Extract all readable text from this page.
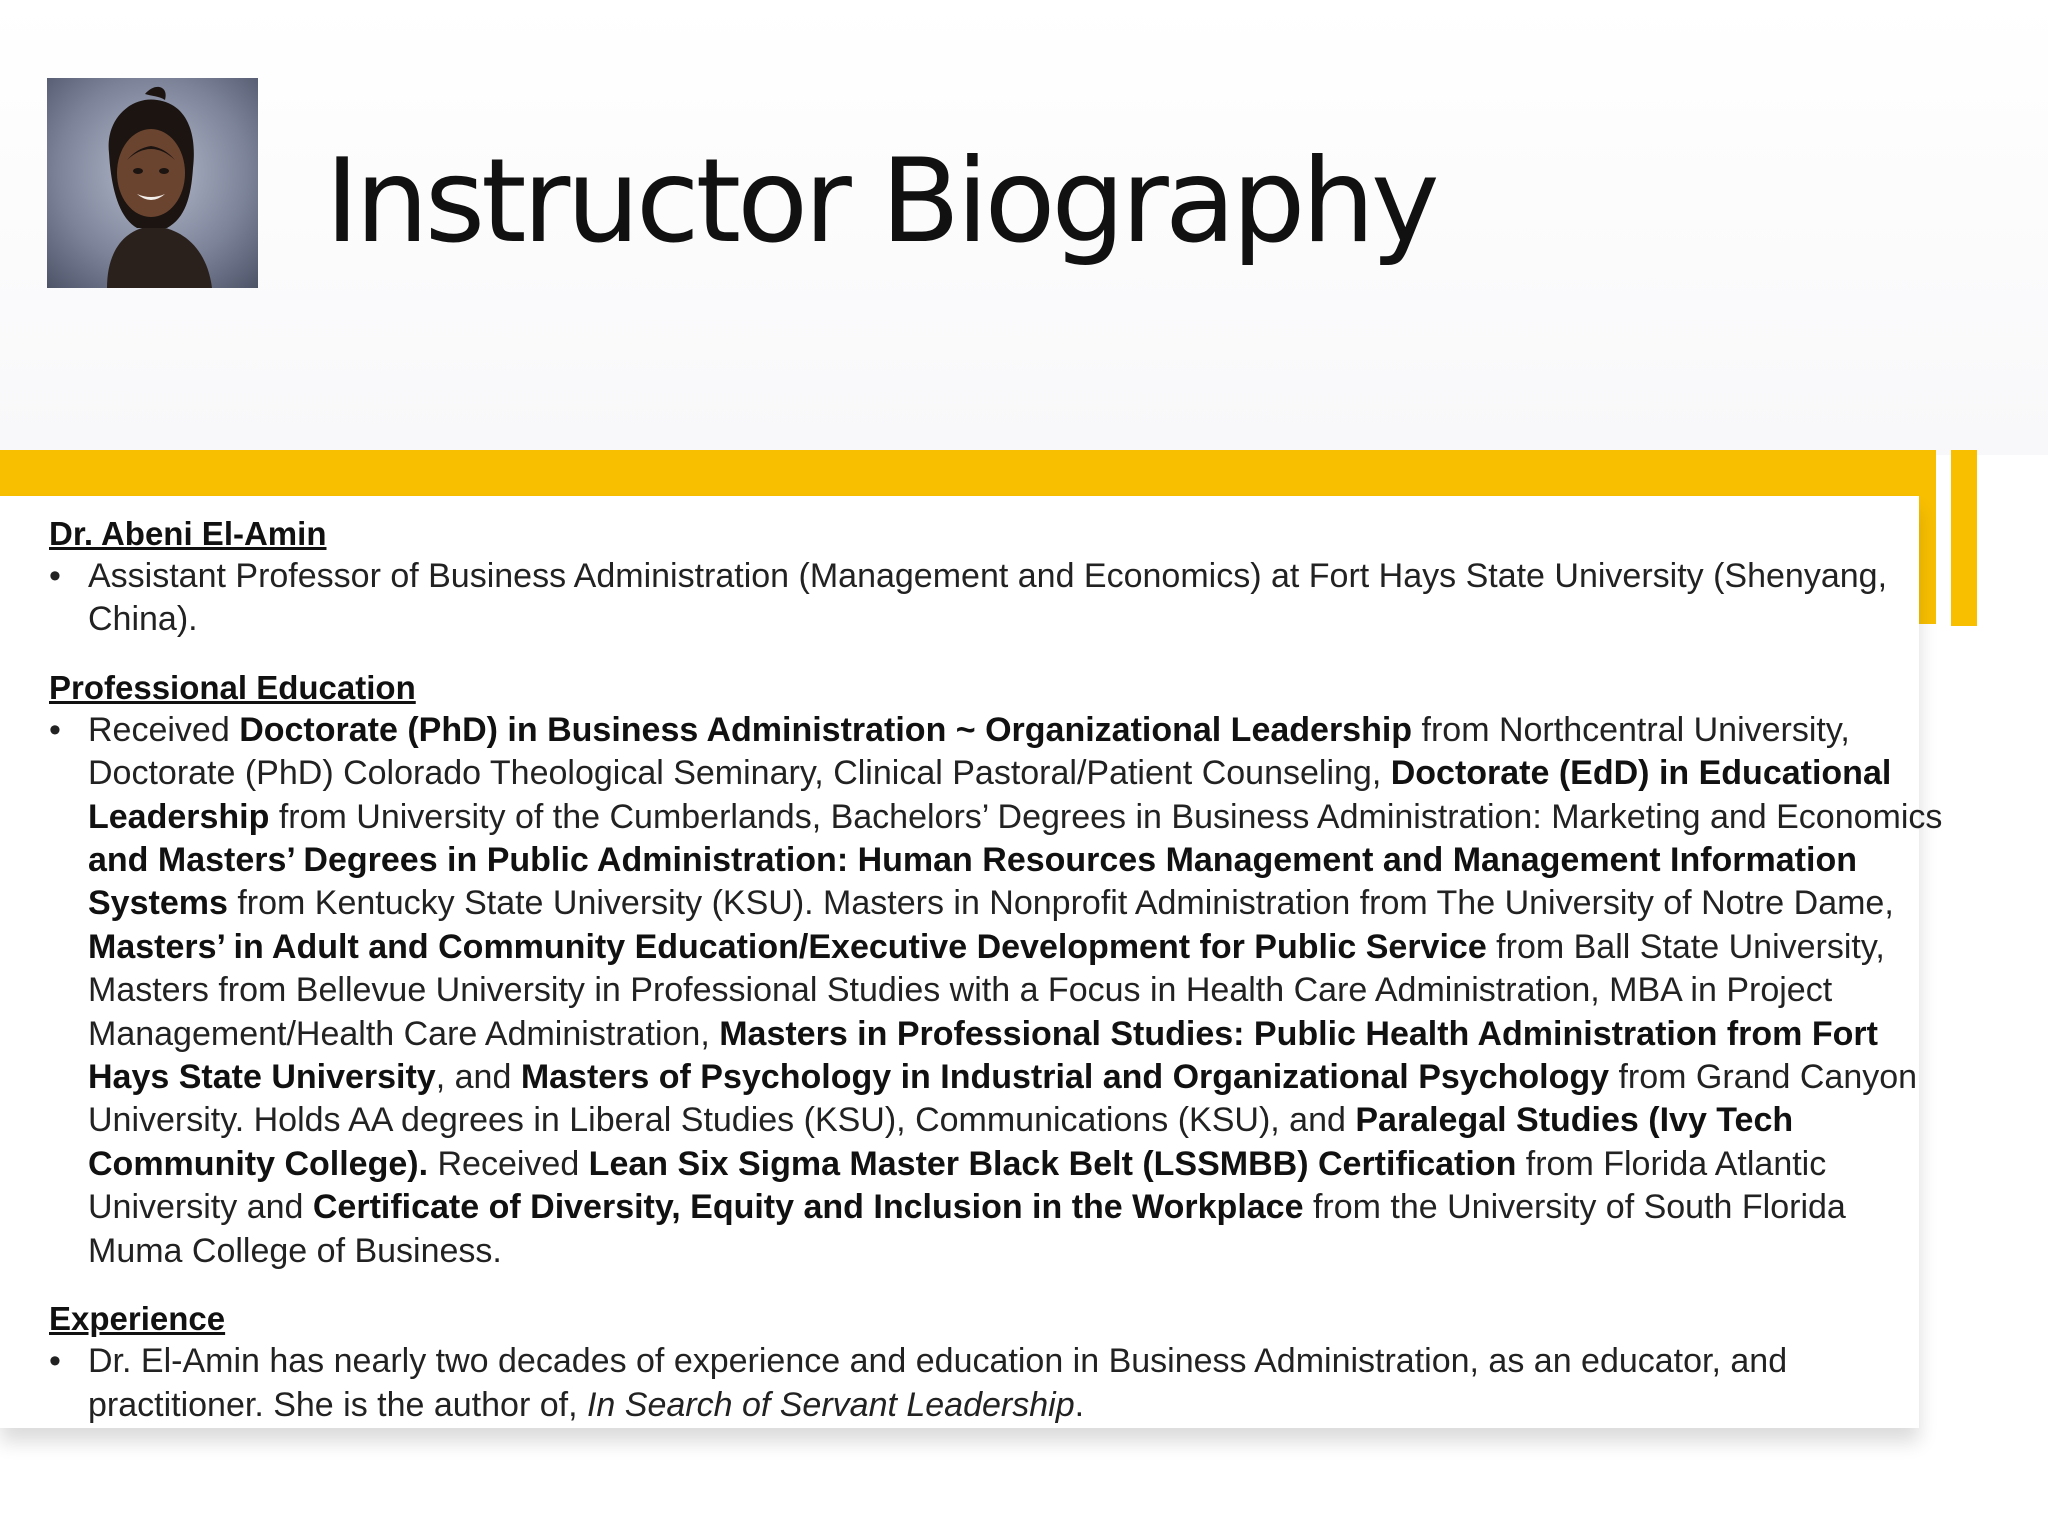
Instructor Biography

Dr. Abeni El-Amin

• Assistant Professor of Business Administration (Management and Economics) at Fort Hays State University (Shenyang, China).

Professional Education

• Received Doctorate (PhD) in Business Administration ~ Organizational Leadership from Northcentral University, Doctorate (PhD) Colorado Theological Seminary, Clinical Pastoral/Patient Counseling, Doctorate (EdD) in Educational Leadership from University of the Cumberlands, Bachelors’ Degrees in Business Administration: Marketing and Economics and Masters’ Degrees in Public Administration: Human Resources Management and Management Information Systems from Kentucky State University (KSU). Masters in Nonprofit Administration from The University of Notre Dame, Masters’ in Adult and Community Education/Executive Development for Public Service from Ball State University, Masters from Bellevue University in Professional Studies with a Focus in Health Care Administration, MBA in Project Management/Health Care Administration, Masters in Professional Studies: Public Health Administration from Fort Hays State University, and Masters of Psychology in Industrial and Organizational Psychology from Grand Canyon University. Holds AA degrees in Liberal Studies (KSU), Communications (KSU), and Paralegal Studies (Ivy Tech Community College). Received Lean Six Sigma Master Black Belt (LSSMBB) Certification from Florida Atlantic University and Certificate of Diversity, Equity and Inclusion in the Workplace from the University of South Florida Muma College of Business.

Experience

• Dr. El-Amin has nearly two decades of experience and education in Business Administration, as an educator, and practitioner. She is the author of, In Search of Servant Leadership.
